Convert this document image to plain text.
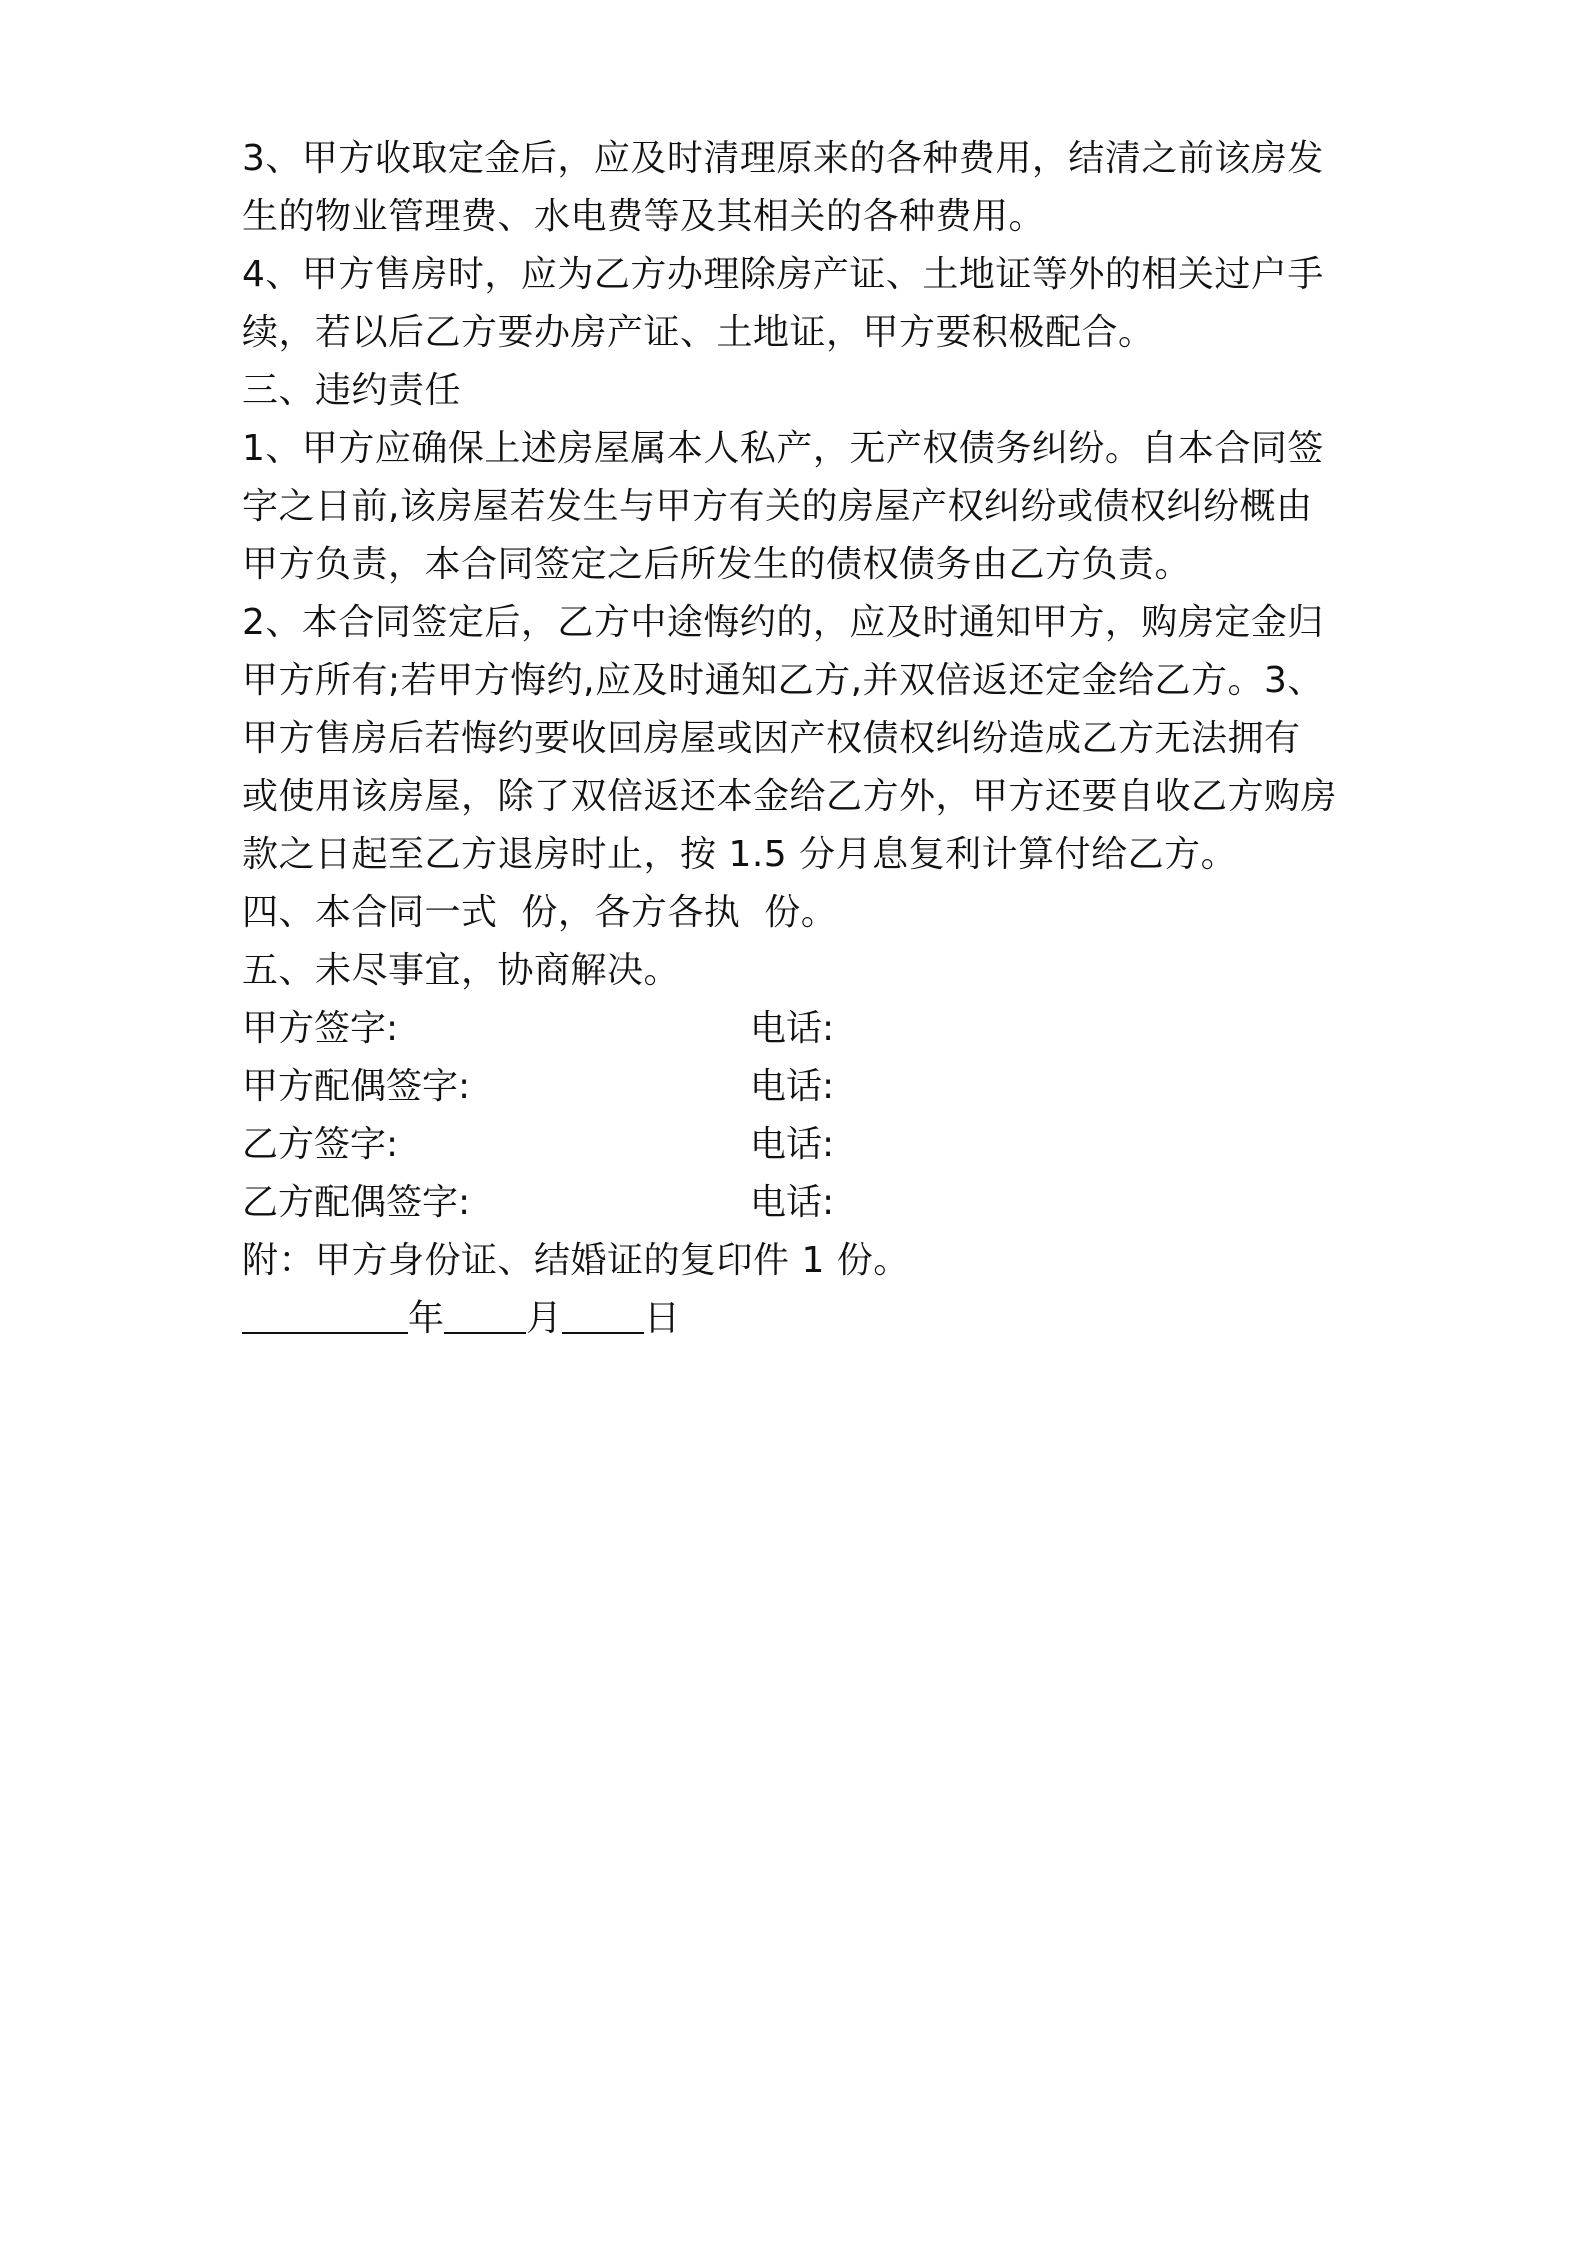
3、甲方收取定金后，应及时清理原来的各种费用，结清之前该房发
生的物业管理费、水电费等及其相关的各种费用。
4、甲方售房时，应为乙方办理除房产证、土地证等外的相关过户手
续，若以后乙方要办房产证、土地证，甲方要积极配合。
三、违约责任
1、甲方应确保上述房屋属本人私产，无产权债务纠纷。自本合同签
字之日前,该房屋若发生与甲方有关的房屋产权纠纷或债权纠纷概由
甲方负责，本合同签定之后所发生的债权债务由乙方负责。
2、本合同签定后，乙方中途悔约的，应及时通知甲方，购房定金归
甲方所有;若甲方悔约,应及时通知乙方,并双倍返还定金给乙方。3、
甲方售房后若悔约要收回房屋或因产权债权纠纷造成乙方无法拥有
或使用该房屋，除了双倍返还本金给乙方外，甲方还要自收乙方购房
款之日起至乙方退房时止，按 1.5 分月息复利计算付给乙方。
四、本合同一式  份，各方各执  份。
五、未尽事宜，协商解决。
甲方签字:	电话:
甲方配偶签字:	电话:
乙方签字:	电话:
乙方配偶签字:	电话:
附：甲方身份证、结婚证的复印件 1 份。
年 月 日
